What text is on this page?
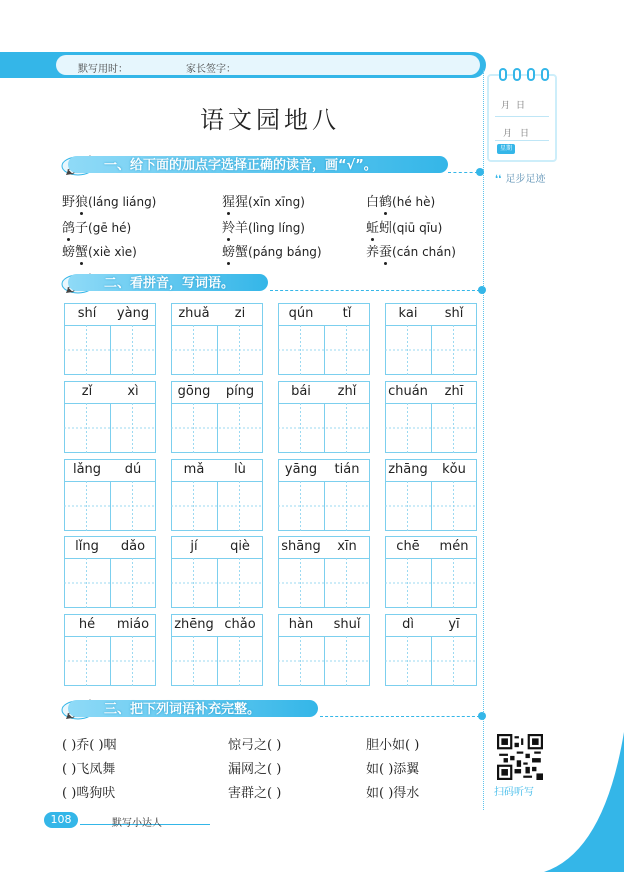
默写用时：	家长签字：
月日
月日
星期
❛❛ 足步足迹
语文园地八
一、给下面的加点字选择正确的读音，画“√”。
野狼(láng liáng)	猩猩(xīn xīng)	白鹤(hé hè)
鸽子(gē hé)	羚羊(lìng líng)	蚯蚓(qiū qīu)
螃蟹(xiè xìe)	螃蟹(páng báng)	养蚕(cán chán)
二、看拼音，写词语。
shí	yàng	zhuǎ	zi	qún	tǐ	kai	shǐ
zǐ	xì	gōng	píng	bái	zhǐ	chuán	zhī
lǎng	dú	mǎ	lù	yāng	tián	zhāng	kǒu
lǐng	dǎo	jí	qiè	shāng	xīn	chē	mén
hé	miáo	zhēng chǎo	hàn	shuǐ	dì	yī
三、把下列词语补充完整。
( )乔( )咽	惊弓之( )	胆小如( )
( )飞凤舞	漏网之( )	如( )添翼
( )鸣狗吠	害群之( )	如( )得水	扫码听写
108	默写小达人
